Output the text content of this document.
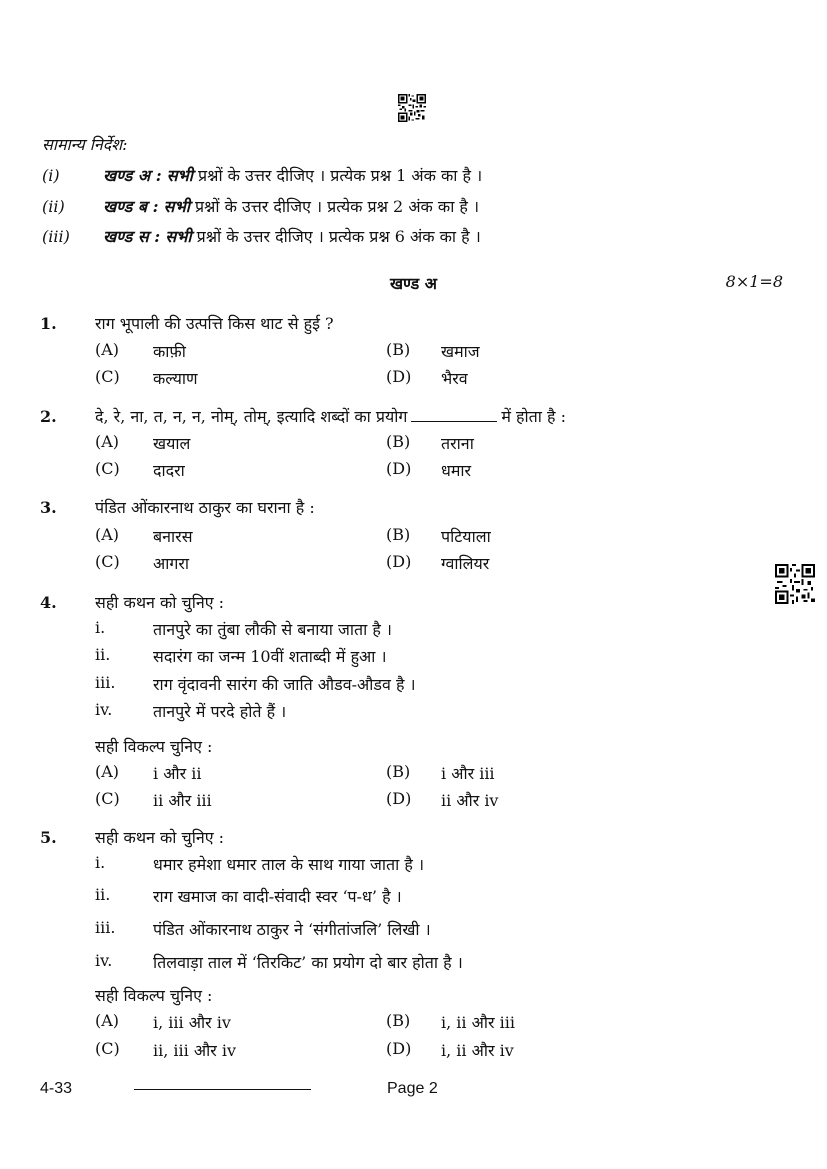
सामान्य निर्देश:
(i)	खण्ड अ : सभी प्रश्नों के उत्तर दीजिए । प्रत्येक प्रश्न 1 अंक का है ।
(ii) खण्ड ब : सभी प्रश्नों के उत्तर दीजिए । प्रत्येक प्रश्न 2 अंक का है ।
(iii) खण्ड स : सभी प्रश्नों के उत्तर दीजिए । प्रत्येक प्रश्न 6 अंक का है ।
खण्ड अ	8×1=8
1. राग भूपाली की उत्पत्ति किस थाट से हुई ?
(A)	काफ़ी	(B)	खमाज
(C)	कल्याण	(D)	भैरव
2. दे, रे, ना, त, न, न, नोम्, तोम्, इत्यादि शब्दों का प्रयोग	में होता है :
(A)	खयाल	(B)	तराना
(C)	दादरा	(D)	धमार
3. पंडित ओंकारनाथ ठाकुर का घराना है :
(A)	बनारस	(B)	पटियाला
(C)	आगरा	(D)	ग्वालियर
4. सही कथन को चुनिए :
i.	तानपुरे का तुंबा लौकी से बनाया जाता है ।
ii.	सदारंग का जन्म 10वीं शताब्दी में हुआ ।
iii. राग वृंदावनी सारंग की जाति औडव-औडव है ।
iv.	तानपुरे में परदे होते हैं ।
सही विकल्प चुनिए :
(A)	i और ii	(B)	i और iii
(C)	ii और iii	(D)	ii और iv
5. सही कथन को चुनिए :
i.	धमार हमेशा धमार ताल के साथ गाया जाता है ।
ii.	राग खमाज का वादी-संवादी स्वर ‘प-ध’ है ।
iii. पंडित ओंकारनाथ ठाकुर ने ‘संगीतांजलि’ लिखी ।
iv.	तिलवाड़ा ताल में ‘तिरकिट’ का प्रयोग दो बार होता है ।
सही विकल्प चुनिए :
(A)	i, iii और iv	(B)	i, ii और iii
(C)	ii, iii और iv	(D)	i, ii और iv
4-33	Page 2
